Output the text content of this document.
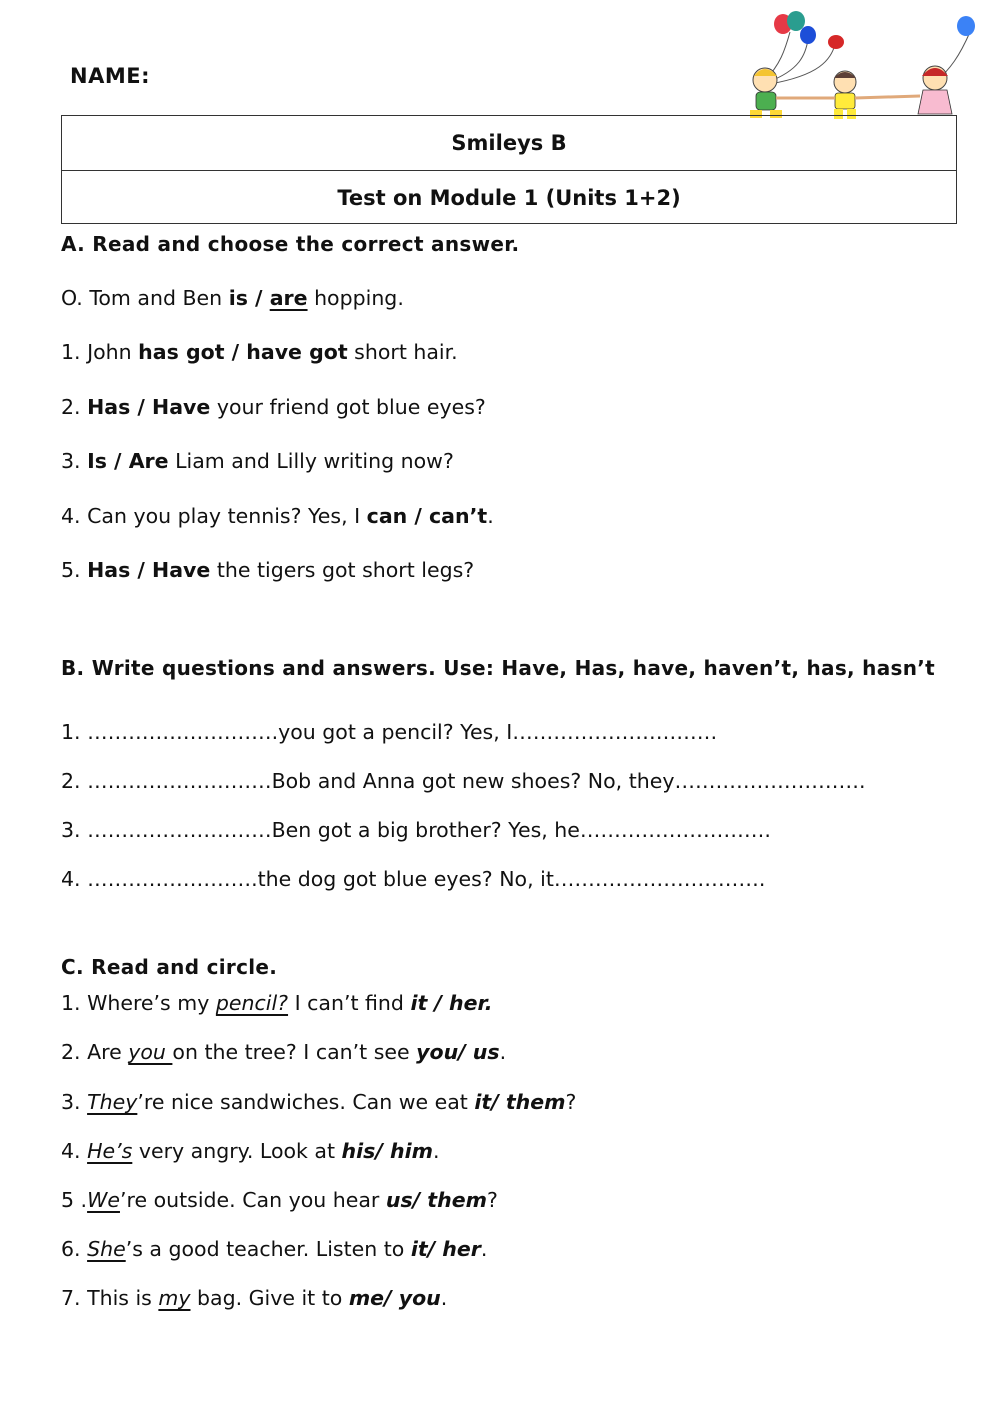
NAME:
Smileys B
Test on Module 1 (Units 1+2)
A. Read and choose the correct answer.
O. Tom and Ben is / are hopping.
1. John has got / have got short hair.
2. Has / Have your friend got blue eyes?
3. Is / Are Liam and Lilly writing now?
4. Can you play tennis? Yes, I can / can’t.
5. Has / Have the tigers got short legs?
B. Write questions and answers. Use: Have, Has, have, haven’t, has, hasn’t
1. ……………………….you got a pencil? Yes, I…………………………
2. ………………………Bob and Anna got new shoes? No, they……………………….
3. ………………………Ben got a big brother? Yes, he……………………….
4. …………………….the dog got blue eyes? No, it………………………….
C. Read and circle.
1. Where’s my pencil? I can’t find it / her.
2. Are you on the tree? I can’t see you/ us.
3. They’re nice sandwiches. Can we eat it/ them?
4. He’s very angry. Look at his/ him.
5 .We’re outside. Can you hear us/ them?
6. She’s a good teacher. Listen to it/ her.
7. This is my bag. Give it to me/ you.
